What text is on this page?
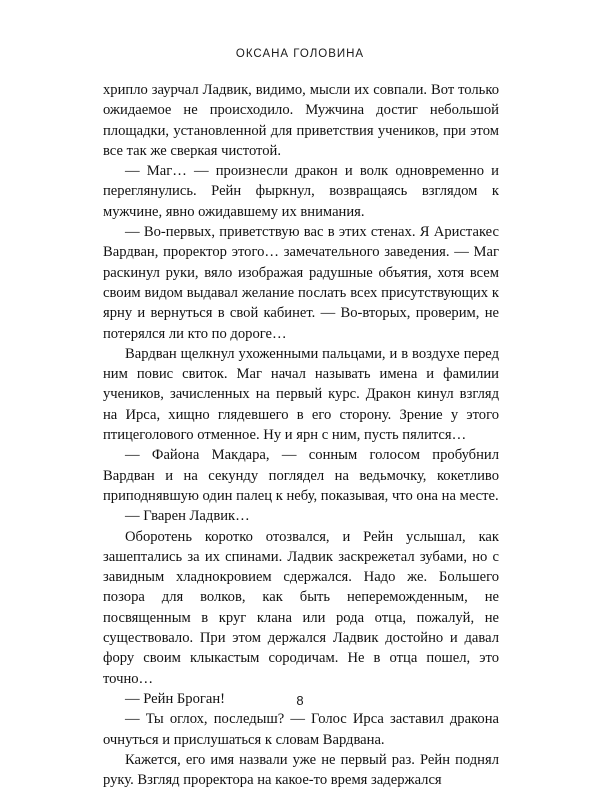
ОКСАНА ГОЛОВИНА

хрипло заурчал Ладвик, видимо, мысли их совпали. Вот только ожидаемое не происходило. Мужчина достиг небольшой площадки, установленной для приветствия учеников, при этом все так же сверкая чистотой.

— Маг… — произнесли дракон и волк одновременно и переглянулись. Рейн фыркнул, возвращаясь взглядом к мужчине, явно ожидавшему их внимания.

— Во-первых, приветствую вас в этих стенах. Я Аристакес Вардван, проректор этого… замечательного заведения. — Маг раскинул руки, вяло изображая радушные объятия, хотя всем своим видом выдавал желание послать всех присутствующих к ярну и вернуться в свой кабинет. — Во-вторых, проверим, не потерялся ли кто по дороге…

Вардван щелкнул ухоженными пальцами, и в воздухе перед ним повис свиток. Маг начал называть имена и фамилии учеников, зачисленных на первый курс. Дракон кинул взгляд на Ирса, хищно глядевшего в его сторону. Зрение у этого птицеголового отменное. Ну и ярн с ним, пусть пялится…

— Файона Макдара, — сонным голосом пробубнил Вардван и на секунду поглядел на ведьмочку, кокетливо приподнявшую один палец к небу, показывая, что она на месте.

— Гварен Ладвик…

Оборотень коротко отозвался, и Рейн услышал, как зашептались за их спинами. Ладвик заскрежетал зубами, но с завидным хладнокровием сдержался. Надо же. Большего позора для волков, как быть непереможденным, не посвященным в круг клана или рода отца, пожалуй, не существовало. При этом держался Ладвик достойно и давал фору своим клыкастым сородичам. Не в отца пошел, это точно…

— Рейн Броган!

— Ты оглох, последыш? — Голос Ирса заставил дракона очнуться и прислушаться к словам Вардвана.

Кажется, его имя назвали уже не первый раз. Рейн поднял руку. Взгляд проректора на какое-то время задержался

8
